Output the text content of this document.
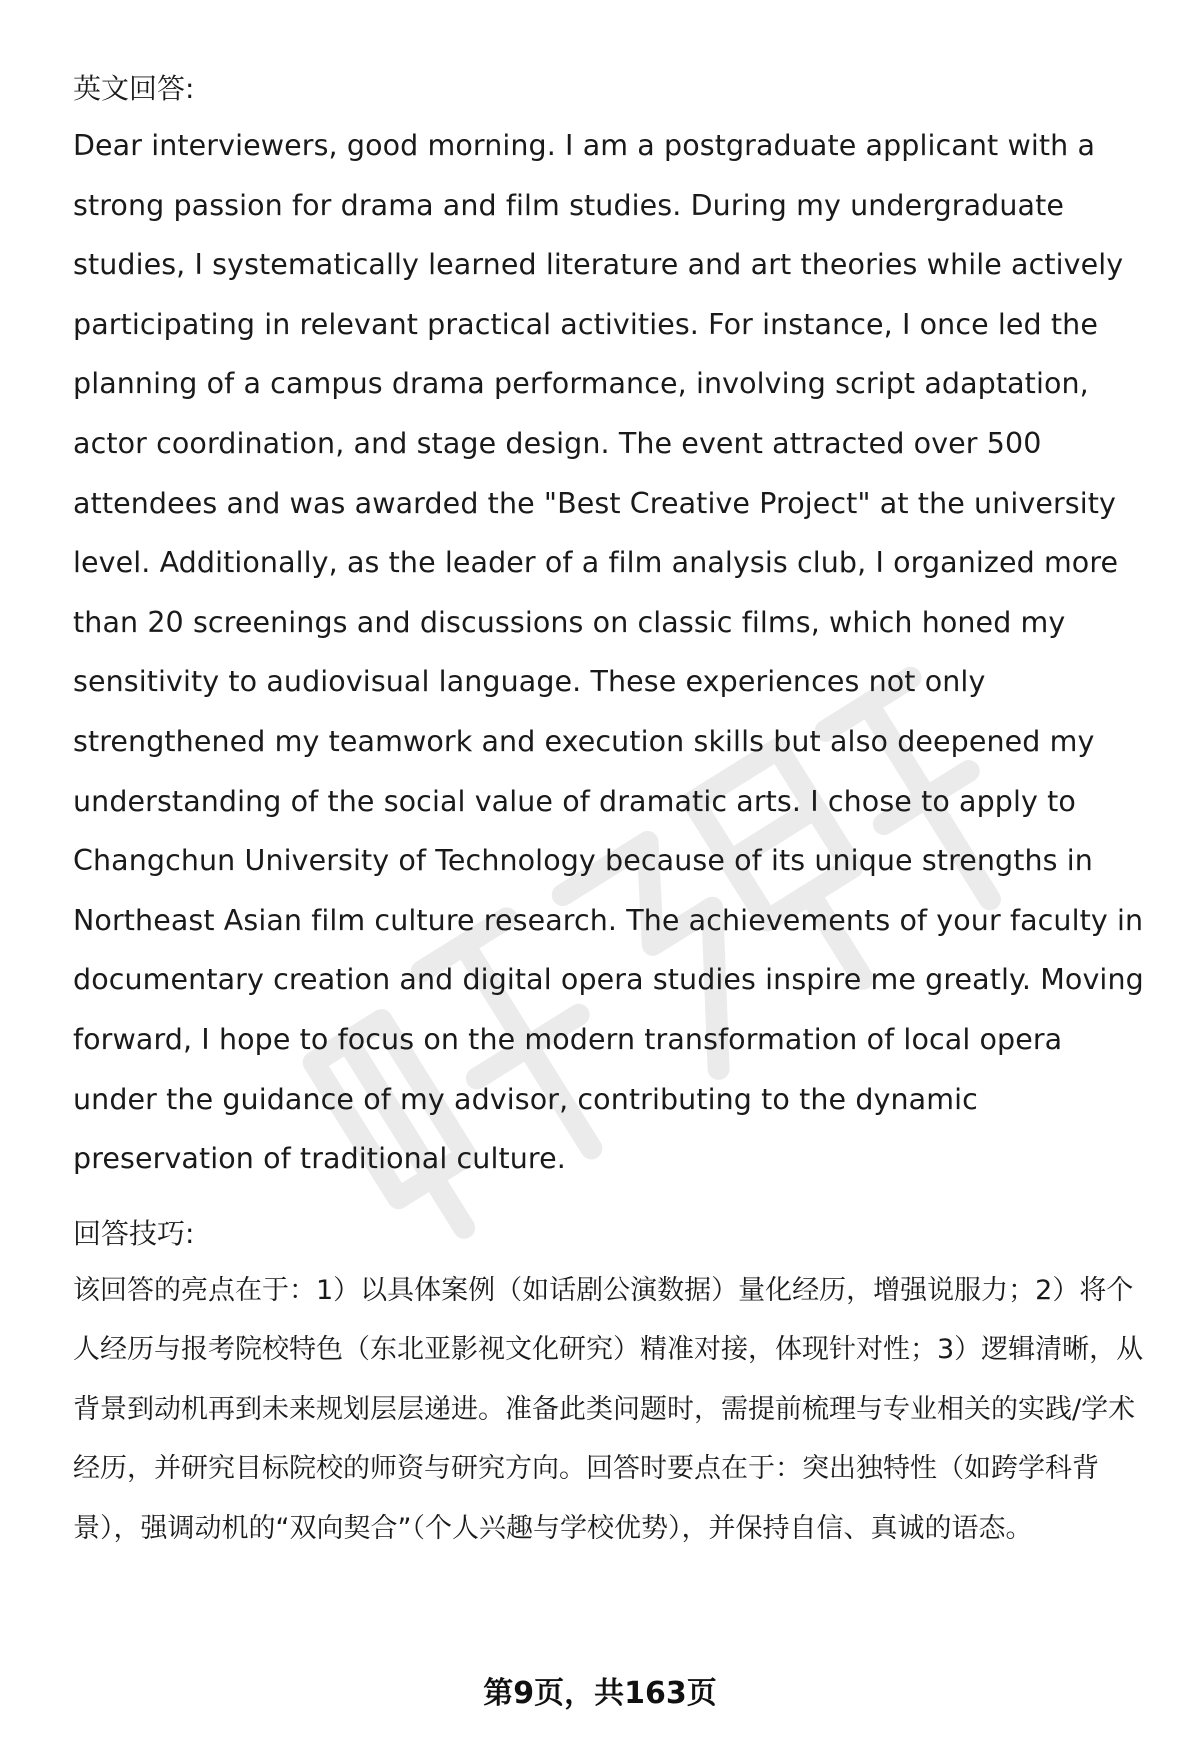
英文回答:

Dear interviewers, good morning. I am a postgraduate applicant with a strong passion for drama and film studies. During my undergraduate studies, I systematically learned literature and art theories while actively participating in relevant practical activities. For instance, I once led the planning of a campus drama performance, involving script adaptation, actor coordination, and stage design. The event attracted over 500 attendees and was awarded the "Best Creative Project" at the university level. Additionally, as the leader of a film analysis club, I organized more than 20 screenings and discussions on classic films, which honed my sensitivity to audiovisual language. These experiences not only strengthened my teamwork and execution skills but also deepened my understanding of the social value of dramatic arts. I chose to apply to Changchun University of Technology because of its unique strengths in Northeast Asian film culture research. The achievements of your faculty in documentary creation and digital opera studies inspire me greatly. Moving forward, I hope to focus on the modern transformation of local opera under the guidance of my advisor, contributing to the dynamic preservation of traditional culture.

回答技巧:

该回答的亮点在于：1）以具体案例（如话剧公演数据）量化经历，增强说服力；2）将个人经历与报考院校特色（东北亚影视文化研究）精准对接，体现针对性；3）逻辑清晰，从背景到动机再到未来规划层层递进。准备此类问题时，需提前梳理与专业相关的实践/学术经历，并研究目标院校的师资与研究方向。回答时要点在于：突出独特性（如跨学科背景），强调动机的“双向契合”（个人兴趣与学校优势），并保持自信、真诚的语态。

第9页，共163页
